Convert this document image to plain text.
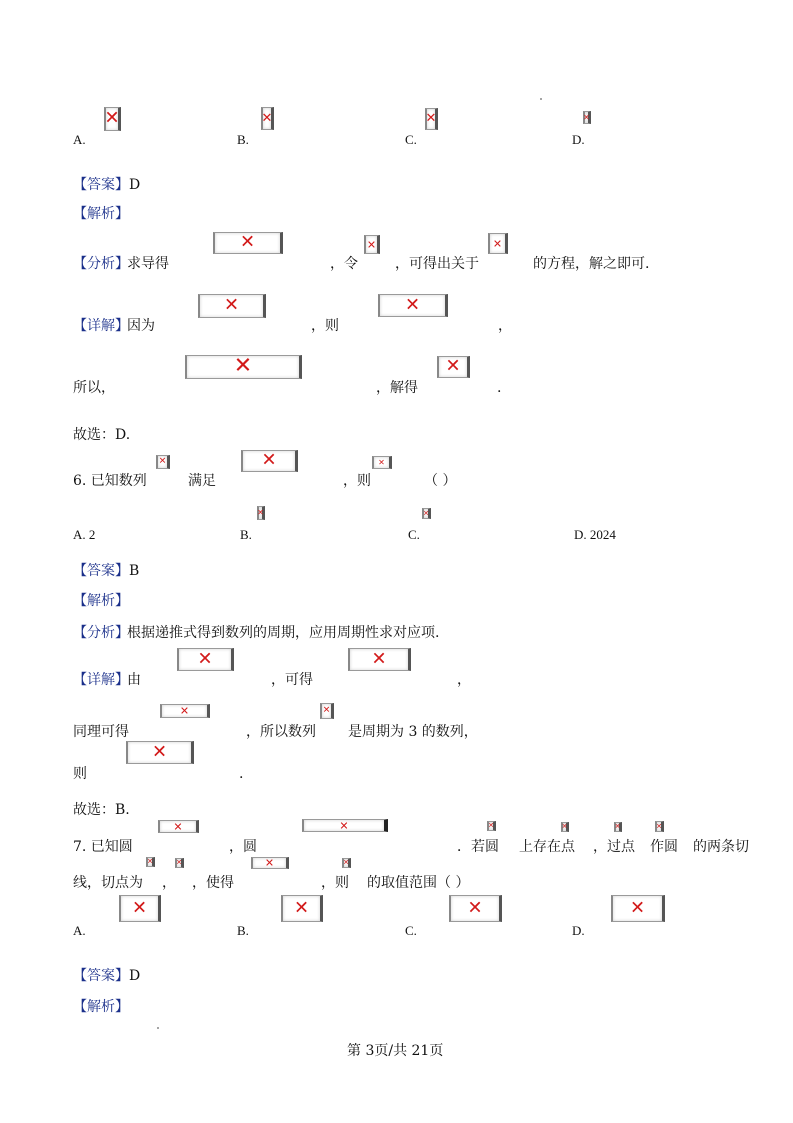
✕
✕
✕
✕
A.	B.	C.	D.
【答案】D
【解析】
✕
✕
✕
【分析】
求导得	，令	，可得出关于	的方程，解之即可.
✕
✕
【详解】
因为	，则	，
✕
✕
所以，	，解得	.
故选：D.
✕
✕
✕
6. 已知数列	满足	，则	（ ）
✕
✕
A. 2	B.	C.	D. 2024
【答案】B
【解析】
【分析】
根据递推式得到数列的周期，应用周期性求对应项.
✕
✕
【详解】
由	，可得	，
✕
✕
同理可得	，所以数列 是周期为 3 的数列，
✕
则	.
故选：B.
✕
✕
✕
✕
✕
✕
7. 已知圆	，圆	．若圆 上存在点 ，过点 作圆 的两条切
✕
✕
✕
✕
线，切点为 ， ，使得	，则 的取值范围（ ）
✕
✕
✕
✕
A.	B.	C.	D.
【答案】D
【解析】
第 3页/共 21页
